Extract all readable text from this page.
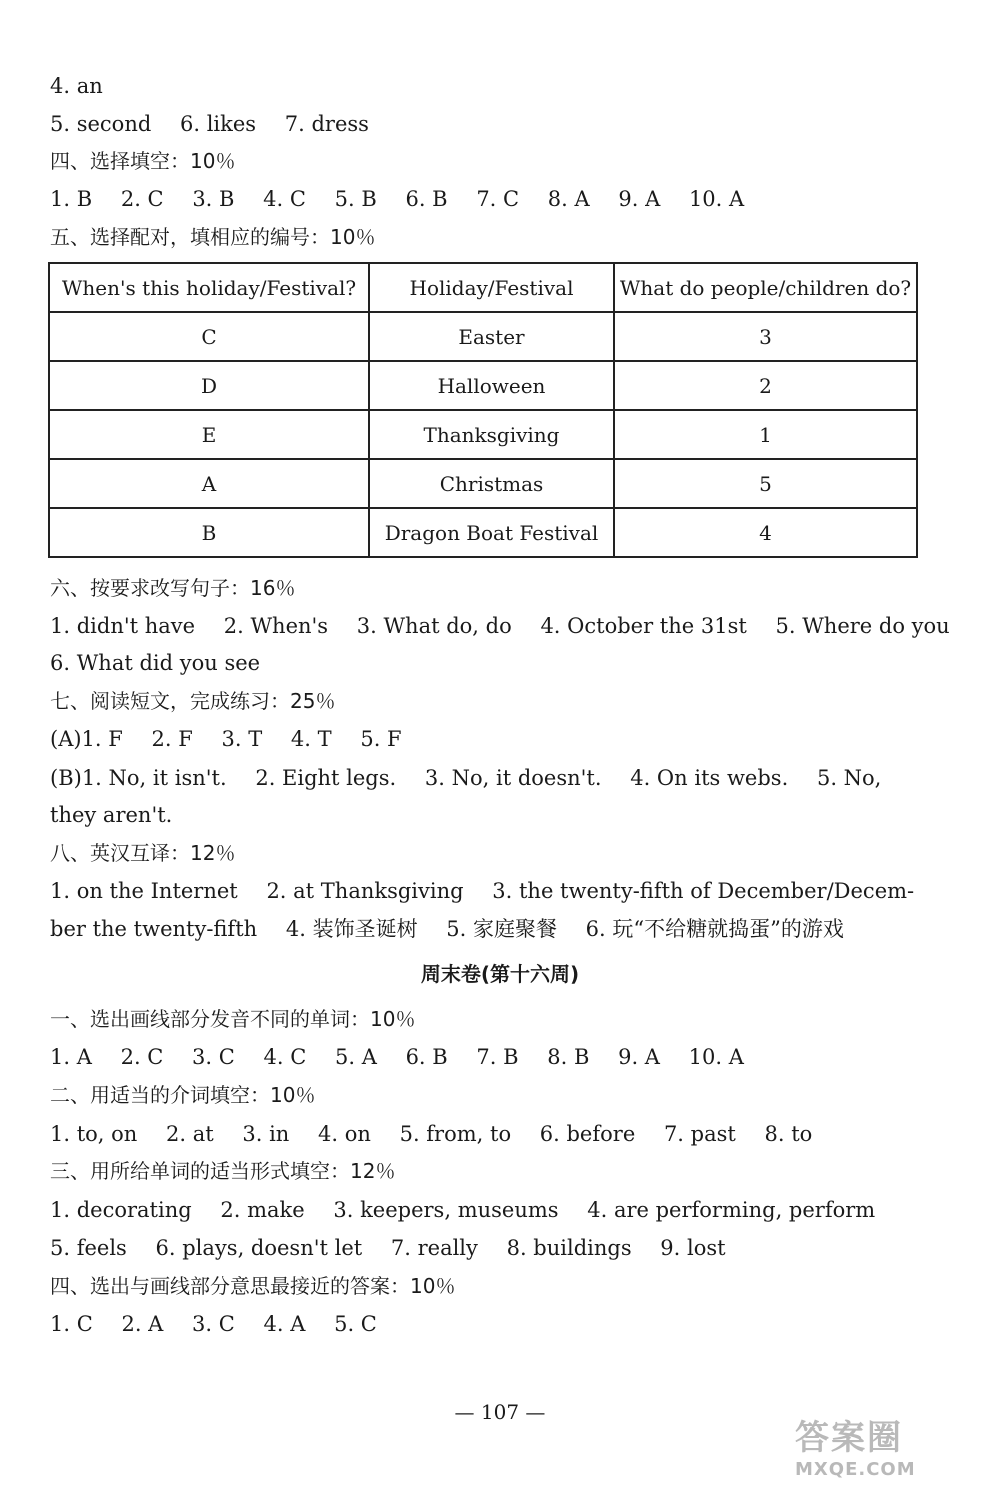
4. an
5. second 6. likes 7. dress
四、选择填空：10％
1. B 2. C 3. B 4. C 5. B 6. B 7. C 8. A 9. A 10. A
五、选择配对，填相应的编号：10％
When's this holiday/Festival?	Holiday/Festival	What do people/children do?
C	Easter	3
D	Halloween	2
E	Thanksgiving	1
A	Christmas	5
B	Dragon Boat Festival	4
六、按要求改写句子：16％
1. didn't have 2. When's 3. What do, do 4. October the 31st 5. Where do you
6. What did you see
七、阅读短文，完成练习：25％
(A)1. F 2. F 3. T 4. T 5. F
(B)1. No, it isn't. 2. Eight legs. 3. No, it doesn't. 4. On its webs. 5. No,
they aren't.
八、英汉互译：12％
1. on the Internet 2. at Thanksgiving 3. the twenty-fifth of December/Decem-
ber the twenty-fifth 4. 装饰圣诞树 5. 家庭聚餐 6. 玩“不给糖就捣蛋”的游戏
周末卷(第十六周)
一、选出画线部分发音不同的单词：10％
1. A 2. C 3. C 4. C 5. A 6. B 7. B 8. B 9. A 10. A
二、用适当的介词填空：10％
1. to, on 2. at 3. in 4. on 5. from, to 6. before 7. past 8. to
三、用所给单词的适当形式填空：12％
1. decorating 2. make 3. keepers, museums 4. are performing, perform
5. feels 6. plays, doesn't let 7. really 8. buildings 9. lost
四、选出与画线部分意思最接近的答案：10％
1. C 2. A 3. C 4. A 5. C
— 107 —
答案圈
MXQE.COM
